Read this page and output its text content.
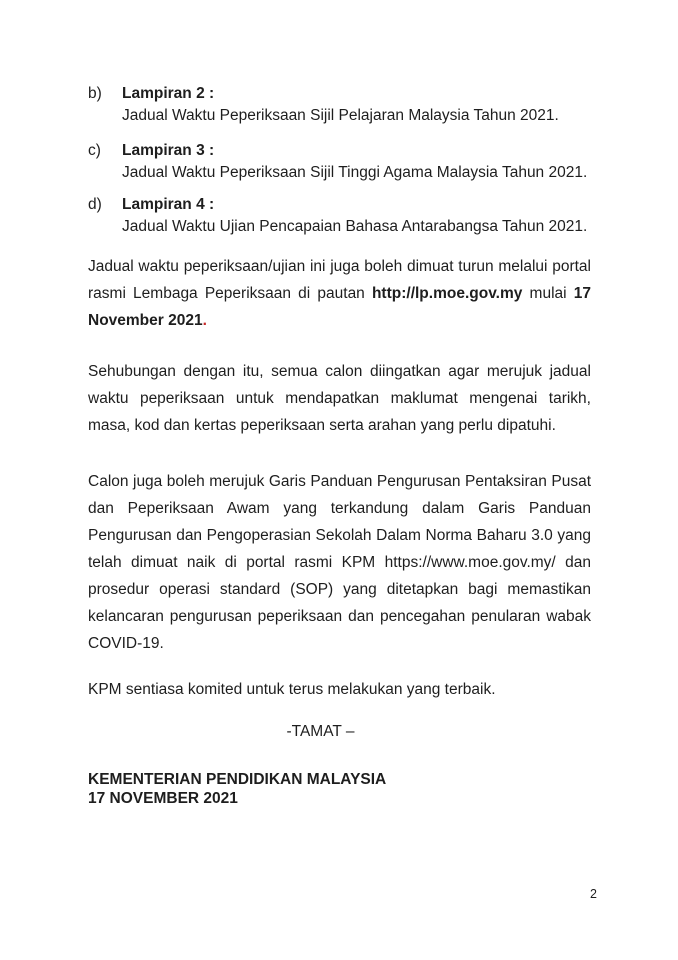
b)	Lampiran 2 :
Jadual Waktu Peperiksaan Sijil Pelajaran Malaysia Tahun 2021.
c)	Lampiran 3 :
Jadual Waktu Peperiksaan Sijil Tinggi Agama Malaysia Tahun 2021.
d)	Lampiran 4 :
Jadual Waktu Ujian Pencapaian Bahasa Antarabangsa Tahun 2021.
Jadual waktu peperiksaan/ujian ini juga boleh dimuat turun melalui portal rasmi Lembaga Peperiksaan di pautan http://lp.moe.gov.my mulai 17 November 2021.
Sehubungan dengan itu, semua calon diingatkan agar merujuk jadual waktu peperiksaan untuk mendapatkan maklumat mengenai tarikh, masa, kod dan kertas peperiksaan serta arahan yang perlu dipatuhi.
Calon juga boleh merujuk Garis Panduan Pengurusan Pentaksiran Pusat dan Peperiksaan Awam yang terkandung dalam Garis Panduan Pengurusan dan Pengoperasian Sekolah Dalam Norma Baharu 3.0 yang telah dimuat naik di portal rasmi KPM https://www.moe.gov.my/ dan prosedur operasi standard (SOP) yang ditetapkan bagi memastikan kelancaran pengurusan peperiksaan dan pencegahan penularan wabak COVID-19.
KPM sentiasa komited untuk terus melakukan yang terbaik.
-TAMAT –
KEMENTERIAN PENDIDIKAN MALAYSIA
17 NOVEMBER 2021
2
